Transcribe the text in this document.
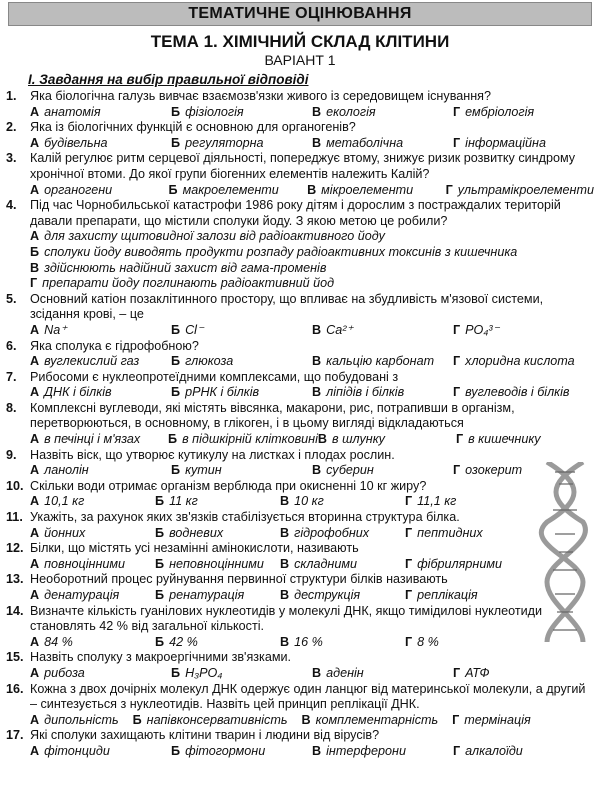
ТЕМАТИЧНЕ ОЦІНЮВАННЯ
ТЕМА 1. ХІМІЧНИЙ СКЛАД КЛІТИНИ
ВАРІАНТ 1
І. Завдання на вибір правильної відповіді
1.	Яка біологічна галузь вивчає взаємозв'язки живого із середовищем існування?
А анатомія	Б фізіологія	В екологія	Г ембріологія
2.	Яка із біологічних функцій є основною для органогенів?
А будівельна	Б регуляторна	В метаболічна	Г інформаційна
3.	Калій регулює ритм серцевої діяльності, попереджує втому, знижує ризик розвитку синдрому хронічної втоми. До якої групи біогенних елементів належить Калій?
А органогени	Б макроелементи	В мікроелементи	Г ультрамікроелементи
4.	Під час Чорнобильської катастрофи 1986 року дітям і дорослим з постраждалих територій давали препарати, що містили сполуки йоду. З якою метою це робили?
А для захисту щитовидної залози від радіоактивного йоду
Б сполуки йоду виводять продукти розпаду радіоактивних токсинів з кишечника
В здійснюють надійний захист від гама-променів
Г препарати йоду поглинають радіоактивний йод
5.	Основний катіон позаклітинного простору, що впливає на збудливість м'язової системи, зсідання крові, – це
А Na⁺	Б Cl⁻	В Ca²⁺	Г PO₄³⁻
6.	Яка сполука є гідрофобною?
А вуглекислий газ	Б глюкоза	В кальцію карбонат	Г хлоридна кислота
7.	Рибосоми є нуклеопротеїдними комплексами, що побудовані з
А ДНК і білків	Б рРНК і білків	В ліпідів і білків	Г вуглеводів і білків
8.	Комплексні вуглеводи, які містять вівсянка, макарони, рис, потрапивши в організм, перетворюються, в основному, в глікоген, і в цьому вигляді відкладаються
А в печінці і м'язах	Б в підшкірній клітковині В в шлунку	Г в кишечнику
9.	Назвіть віск, що утворює кутикулу на листках і плодах рослин.
А ланолін	Б кутин	В суберин	Г озокерит
10. Скільки води отримає організм верблюда при окисненні 10 кг жиру?
А 10,1 кг	Б 11 кг	В 10 кг	Г 11,1 кг
11. Укажіть, за рахунок яких зв'язків стабілізується вторинна структура білка.
А йонних	Б водневих	В гідрофобних	Г пептидних
12. Білки, що містять усі незамінні амінокислоти, називають
А повноцінними	Б неповноцінними	В складними	Г фібрилярними
13. Необоротний процес руйнування первинної структури білків називають
А денатурація	Б ренатурація	В деструкція	Г реплікація
14. Визначте кількість гуанілових нуклеотидів у молекулі ДНК, якщо тимідилові нуклеотиди становлять 42 % від загальної кількості.
А 84 %	Б 42 %	В 16 %	Г 8 %
15. Назвіть сполуку з макроергічними зв'язками.
А рибоза	Б H₃PO₄	В аденін	Г АТФ
16. Кожна з двох дочірніх молекул ДНК одержує один ланцюг від материнської молекули, а другий – синтезується з нуклеотидів. Назвіть цей принцип реплікації ДНК.
А дипольність Б напівконсервативність В комплементарність Г термінація
17. Які сполуки захищають клітини тварин і людини від вірусів?
А фітонциди	Б фітогормони	В інтерферони	Г алкалоїди
